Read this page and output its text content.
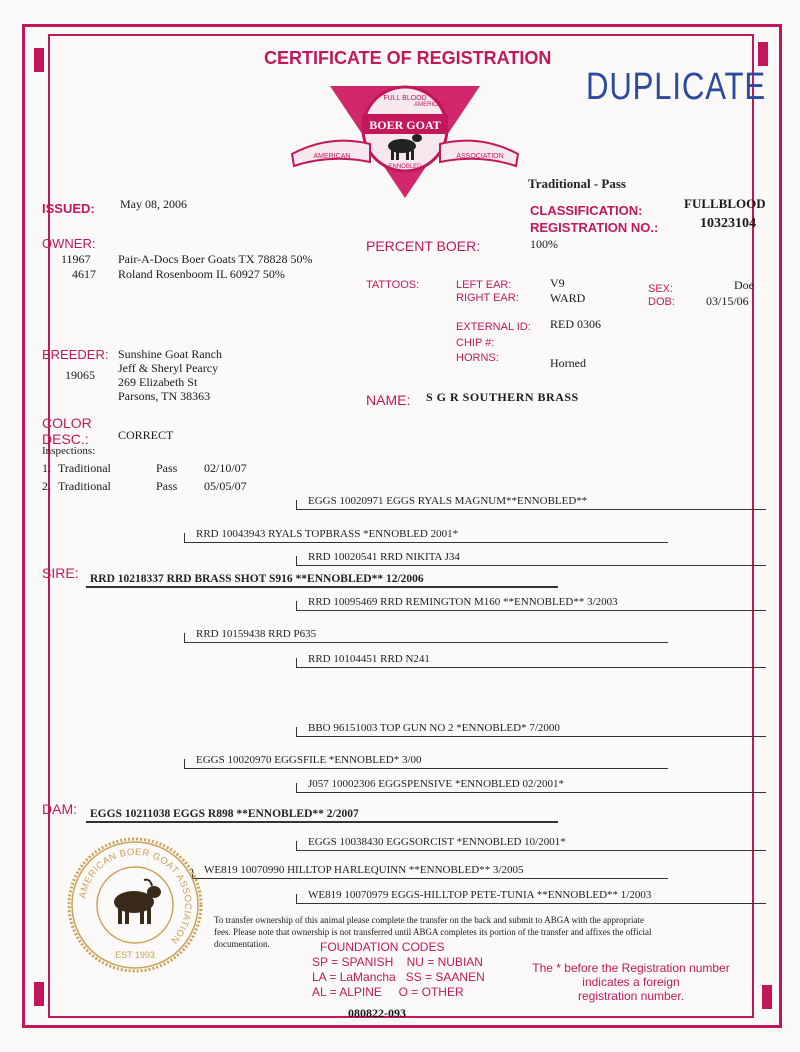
CERTIFICATE OF REGISTRATION
DUPLICATE
FULL BLOOD
AMERICAN
BOER GOAT
AMERICAN	ASSOCIATION
ENNOBLED
Traditional - Pass
ISSUED: May 08, 2006	CLASSIFICATION:	FULLBLOOD
REGISTRATION NO.:	10323104
OWNER:
11967 Pair-A-Docs Boer Goats TX 78828 50%
4617 Roland Rosenboom IL 60927 50%
PERCENT BOER:	100%
TATTOOS:	LEFT EAR:	V9
RIGHT EAR:	WARD
SEX:	Doe
DOB:	03/15/06
EXTERNAL ID: RED 0306
CHIP #:
HORNS:	Horned
BREEDER: Sunshine Goat Ranch
Jeff & Sheryl Pearcy
19065 269 Elizabeth St
Parsons, TN 38363	NAME: S G R SOUTHERN BRASS
COLOR
DESC.: CORRECT
Inspections:
1. Traditional	Pass 02/10/07
2. Traditional	Pass 05/05/07
EGGS 10020971 EGGS RYALS MAGNUM**ENNOBLED**
RRD 10043943 RYALS TOPBRASS *ENNOBLED 2001*
RRD 10020541 RRD NIKITA J34
SIRE: RRD 10218337 RRD BRASS SHOT S916 **ENNOBLED** 12/2006
RRD 10095469 RRD REMINGTON M160 **ENNOBLED** 3/2003
RRD 10159438 RRD P635
RRD 10104451 RRD N241
BBO 96151003 TOP GUN NO 2 *ENNOBLED* 7/2000
EGGS 10020970 EGGSFILE *ENNOBLED* 3/00
J057 10002306 EGGSPENSIVE *ENNOBLED 02/2001*
DAM:	EGGS 10211038 EGGS R898 **ENNOBLED** 2/2007
EGGS 10038430 EGGSORCIST *ENNOBLED 10/2001*
WE819 10070990 HILLTOP HARLEQUINN **ENNOBLED** 3/2005
WE819 10070979 EGGS-HILLTOP PETE-TUNIA **ENNOBLED** 1/2003
AMERICAN BOER GOAT ASSOCIATION
EST 1993
To transfer ownership of this animal please complete the transfer on the back and submit to ABGA with the appropriate
fees. Please note that ownership is not transferred until ABGA completes its portion of the transfer and affixes the official
documentation.	FOUNDATION CODES
SP = SPANISH    NU = NUBIAN
LA = LaMancha   SS = SAANEN
AL = ALPINE     O = OTHER
The * before the Registration number
indicates a foreign
registration number.
080822-093
